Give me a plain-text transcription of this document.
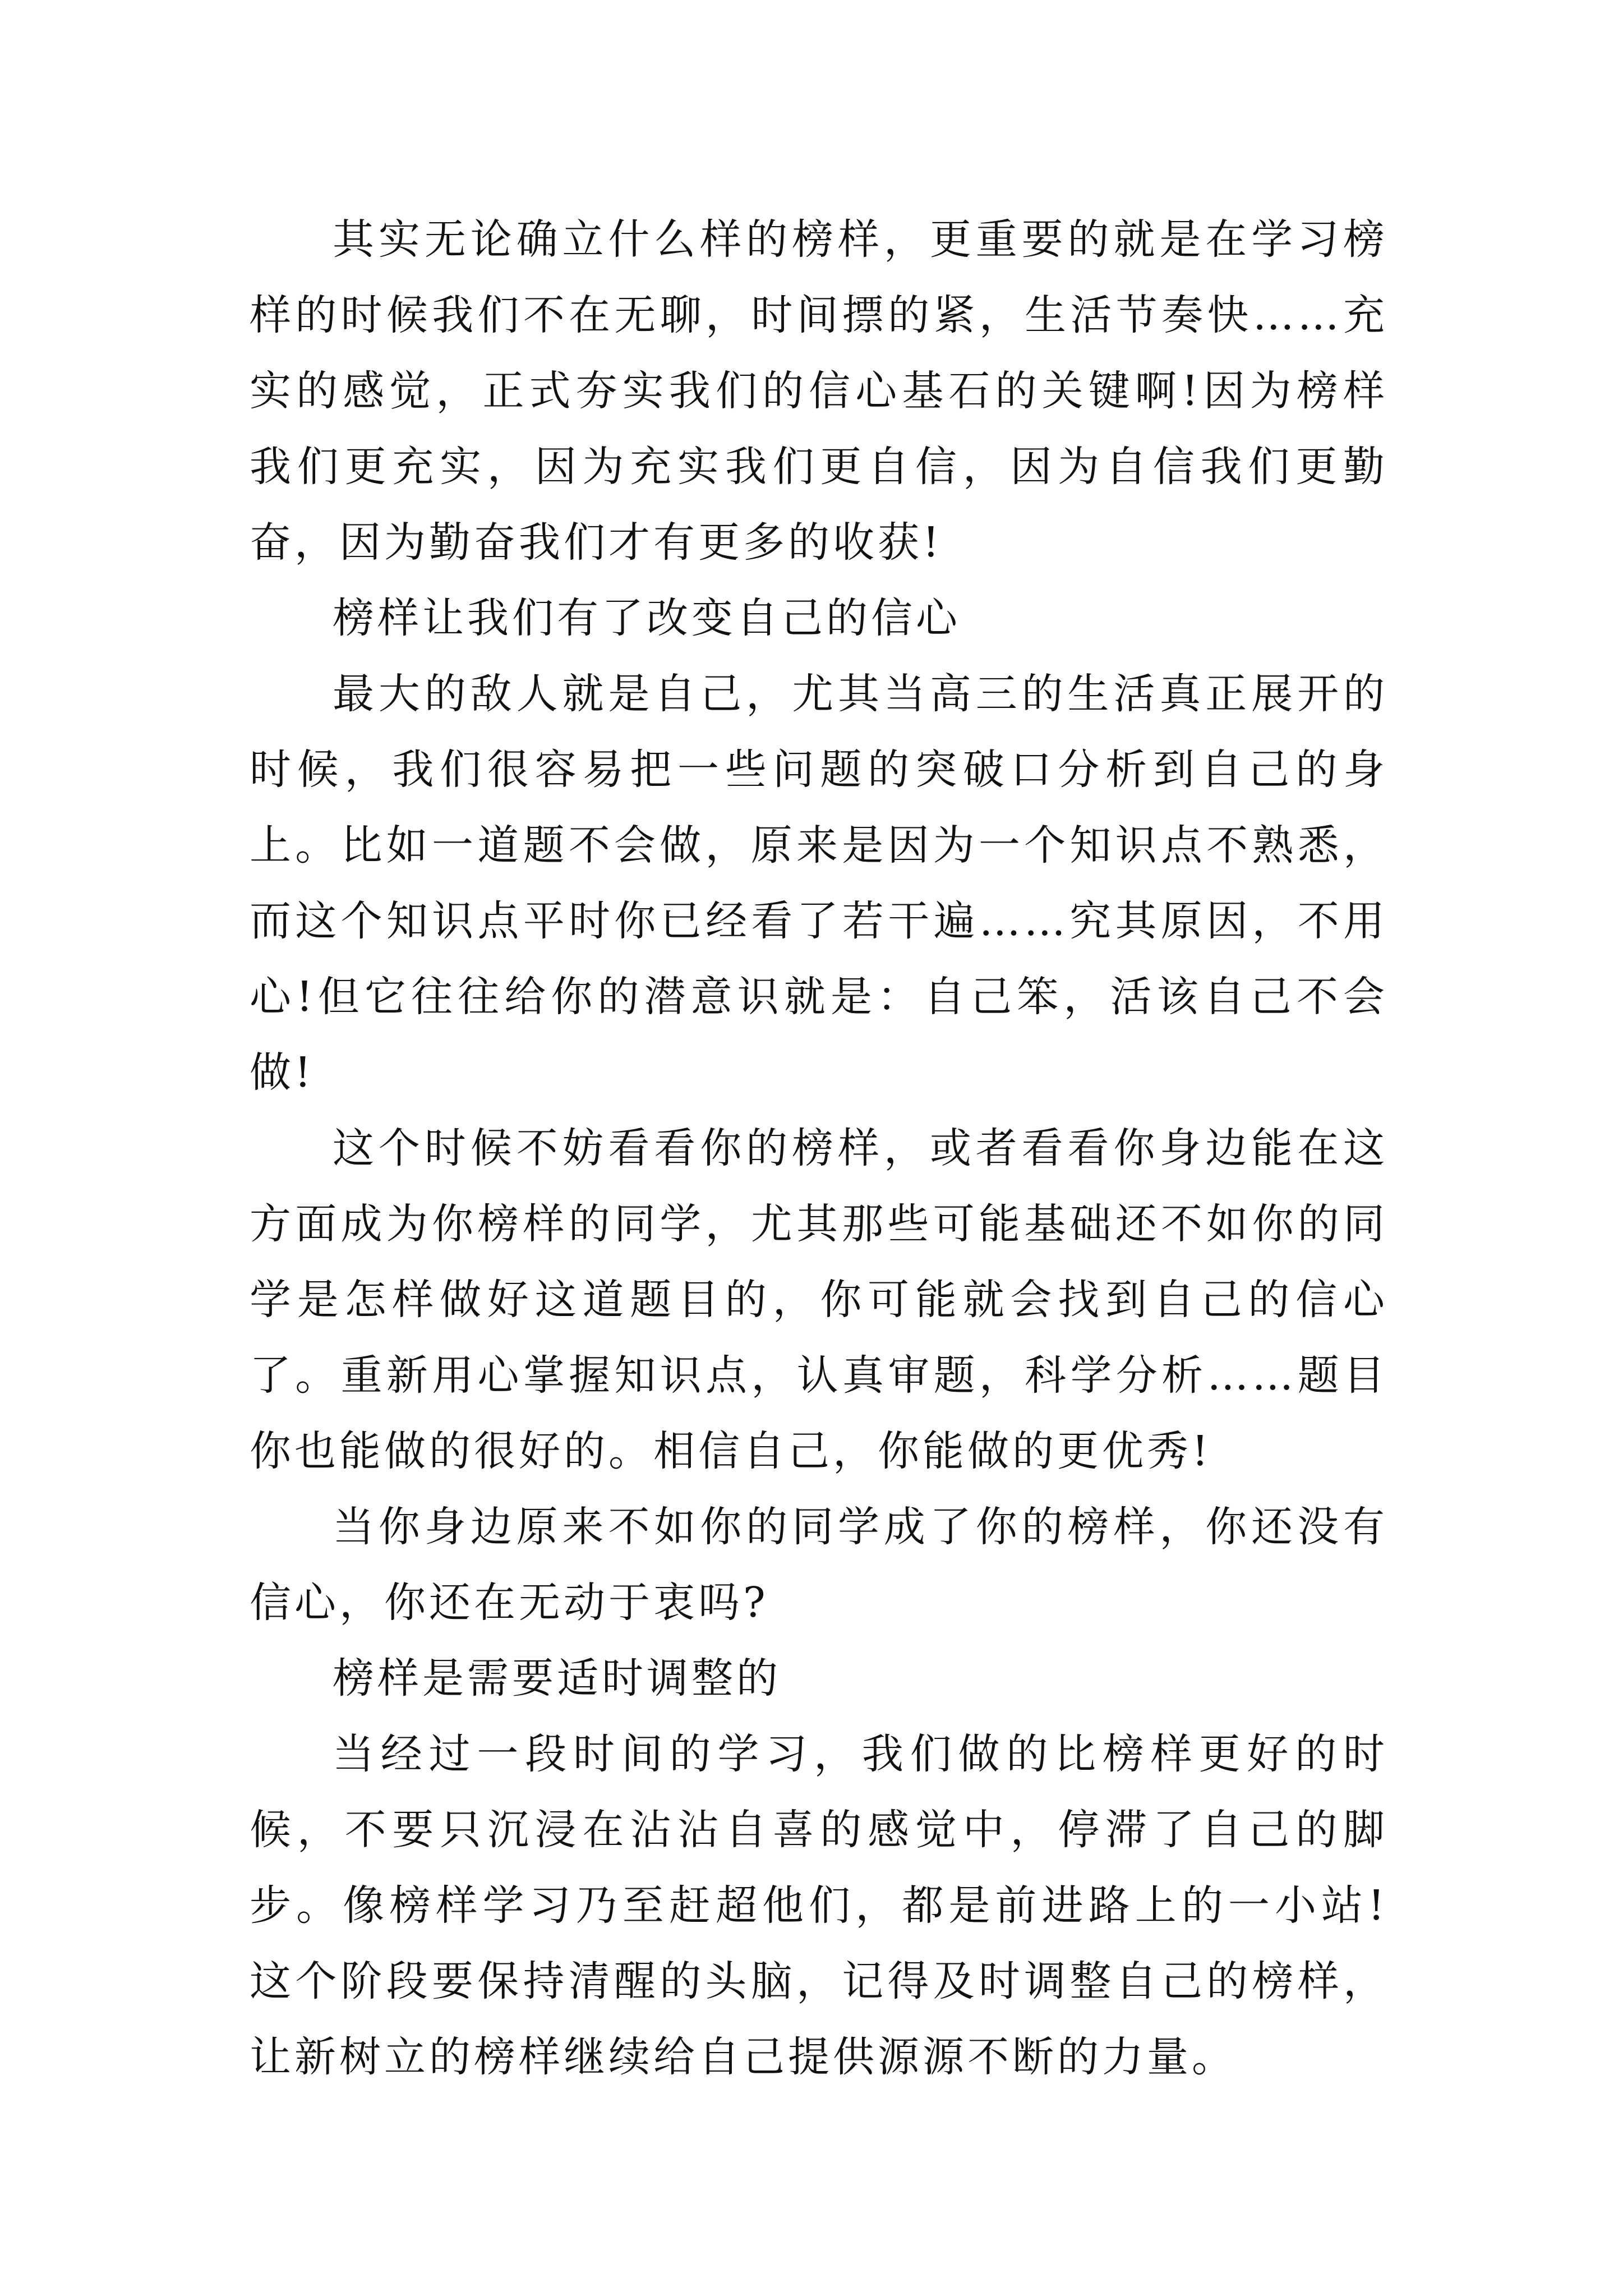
其实无论确立什么样的榜样，更重要的就是在学习榜样的时候我们不在无聊，时间摽的紧，生活节奏快……充实的感觉，正式夯实我们的信心基石的关键啊!因为榜样我们更充实，因为充实我们更自信，因为自信我们更勤奋，因为勤奋我们才有更多的收获!

榜样让我们有了改变自己的信心

最大的敌人就是自己，尤其当高三的生活真正展开的时候，我们很容易把一些问题的突破口分析到自己的身上。比如一道题不会做，原来是因为一个知识点不熟悉，而这个知识点平时你已经看了若干遍……究其原因，不用心!但它往往给你的潜意识就是：自己笨，活该自己不会做!

这个时候不妨看看你的榜样，或者看看你身边能在这方面成为你榜样的同学，尤其那些可能基础还不如你的同学是怎样做好这道题目的，你可能就会找到自己的信心了。重新用心掌握知识点，认真审题，科学分析……题目你也能做的很好的。相信自己，你能做的更优秀!

当你身边原来不如你的同学成了你的榜样，你还没有信心，你还在无动于衷吗?

榜样是需要适时调整的

当经过一段时间的学习，我们做的比榜样更好的时候，不要只沉浸在沾沾自喜的感觉中，停滞了自己的脚步。像榜样学习乃至赶超他们，都是前进路上的一小站!这个阶段要保持清醒的头脑，记得及时调整自己的榜样，让新树立的榜样继续给自己提供源源不断的力量。
